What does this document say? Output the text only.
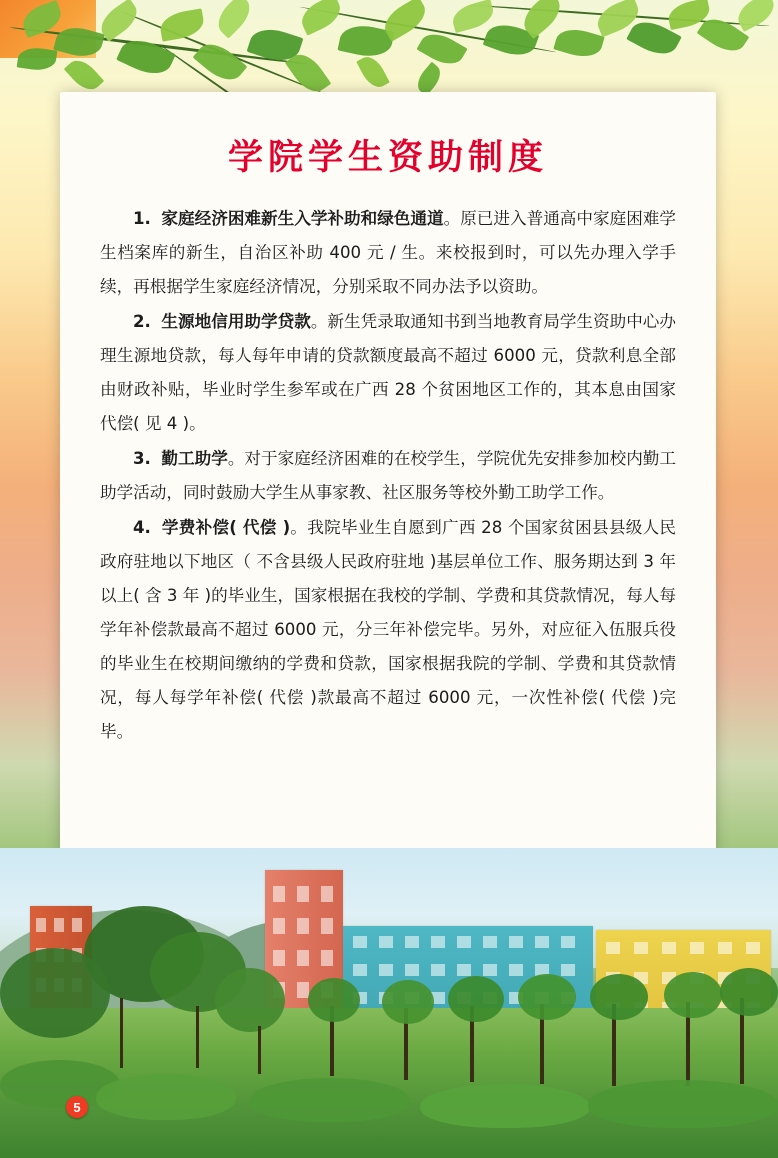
学院学生资助制度

1. 家庭经济困难新生入学补助和绿色通道。原已进入普通高中家庭困难学生档案库的新生，自治区补助 400 元 / 生。来校报到时，可以先办理入学手续，再根据学生家庭经济情况，分别采取不同办法予以资助。

2. 生源地信用助学贷款。新生凭录取通知书到当地教育局学生资助中心办理生源地贷款，每人每年申请的贷款额度最高不超过 6000 元，贷款利息全部由财政补贴，毕业时学生参军或在广西 28 个贫困地区工作的，其本息由国家代偿( 见 4 )。

3. 勤工助学。对于家庭经济困难的在校学生，学院优先安排参加校内勤工助学活动，同时鼓励大学生从事家教、社区服务等校外勤工助学工作。

4. 学费补偿( 代偿 )。我院毕业生自愿到广西 28 个国家贫困县县级人民政府驻地以下地区（ 不含县级人民政府驻地 )基层单位工作、服务期达到 3 年以上( 含 3 年 )的毕业生，国家根据在我校的学制、学费和其贷款情况，每人每学年补偿款最高不超过 6000 元，分三年补偿完毕。另外，对应征入伍服兵役的毕业生在校期间缴纳的学费和贷款，国家根据我院的学制、学费和其贷款情况，每人每学年补偿( 代偿 )款最高不超过 6000 元，一次性补偿( 代偿 )完毕。

5
